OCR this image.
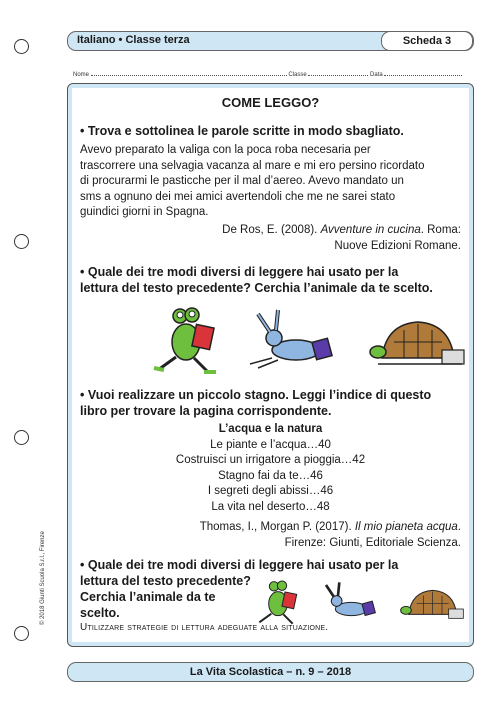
Italiano • Classe terza	Scheda 3
Nome	Classe	Data
COME LEGGO?
• Trova e sottolinea le parole scritte in modo sbagliato.
Avevo preparato la valiga con la poca roba necesaria per
trascorrere una selvagia vacanza al mare e mi ero persino ricordato
di procurarmi le pasticche per il mal d’aereo. Avevo mandato un
sms a ognuno dei mei amici avertendoli che me ne sarei stato
guindici giorni in Spagna.
De Ros, E. (2008). Avventure in cucina. Roma:
Nuove Edizioni Romane.
• Quale dei tre modi diversi di leggere hai usato per la
lettura del testo precedente? Cerchia l’animale da te scelto.
• Vuoi realizzare un piccolo stagno. Leggi l’indice di questo
libro per trovare la pagina corrispondente.
L’acqua e la natura
Le piante e l’acqua…40
Costruisci un irrigatore a pioggia…42
Stagno fai da te…46
I segreti degli abissi…46
La vita nel deserto…48
Thomas, I., Morgan P. (2017). Il mio pianeta acqua.
Firenze: Giunti, Editoriale Scienza.
• Quale dei tre modi diversi di leggere hai usato per la
lettura del testo precedente?
Cerchia l’animale da te
scelto.
Utilizzare strategie di lettura adeguate alla situazione.
© 2018 Giunti Scuola S.r.l., Firenze
La Vita Scolastica – n. 9 – 2018
